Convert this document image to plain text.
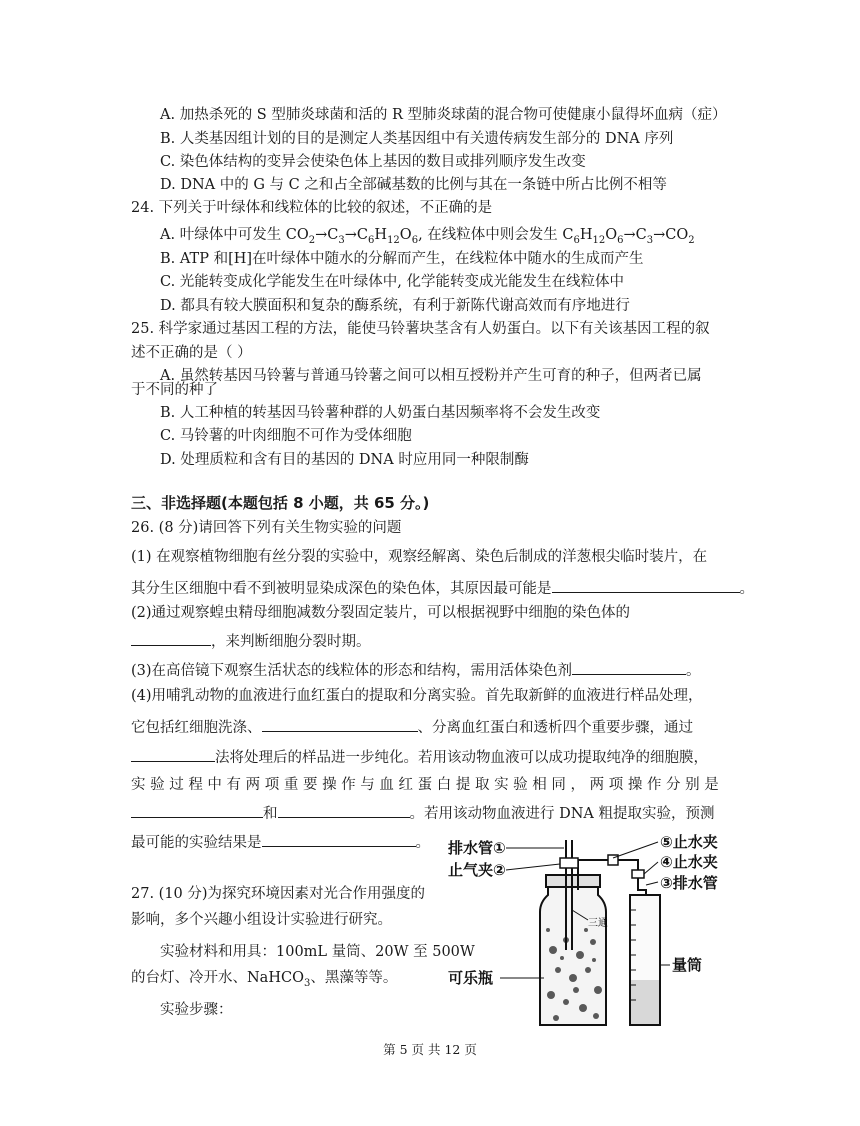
A. 加热杀死的 S 型肺炎球菌和活的 R 型肺炎球菌的混合物可使健康小鼠得坏血病（症）
B. 人类基因组计划的目的是测定人类基因组中有关遗传病发生部分的 DNA 序列
C. 染色体结构的变异会使染色体上基因的数目或排列顺序发生改变
D. DNA 中的 G 与 C 之和占全部碱基数的比例与其在一条链中所占比例不相等
24. 下列关于叶绿体和线粒体的比较的叙述，不正确的是
A. 叶绿体中可发生 $CO_2\to C_3\to C_6H_{12}O_6$, 在线粒体中则会发生 $C_6H_{12}O_6\to C_3\to CO_2$
B. ATP 和[H]在叶绿体中随水的分解而产生，在线粒体中随水的生成而产生
C. 光能转变成化学能发生在叶绿体中, 化学能转变成光能发生在线粒体中
D. 都具有较大膜面积和复杂的酶系统，有利于新陈代谢高效而有序地进行
25. 科学家通过基因工程的方法，能使马铃薯块茎含有人奶蛋白。以下有关该基因工程的叙
述不正确的是（ ）
A. 虽然转基因马铃薯与普通马铃薯之间可以相互授粉并产生可育的种子，但两者已属
于不同的种了
B. 人工种植的转基因马铃薯种群的人奶蛋白基因频率将不会发生改变
C. 马铃薯的叶肉细胞不可作为受体细胞
D. 处理质粒和含有目的基因的 DNA 时应用同一种限制酶
三、非选择题(本题包括 8 小题，共 65 分。)
26. (8 分)请回答下列有关生物实验的问题
(1) 在观察植物细胞有丝分裂的实验中，观察经解离、染色后制成的洋葱根尖临时装片，在
其分生区细胞中看不到被明显染成深色的染色体，其原因最可能是	。
(2)通过观察蝗虫精母细胞减数分裂固定装片，可以根据视野中细胞的染色体的
，来判断细胞分裂时期。
(3)在高倍镜下观察生活状态的线粒体的形态和结构，需用活体染色剂	。
(4)用哺乳动物的血液进行血红蛋白的提取和分离实验。首先取新鲜的血液进行样品处理，
它包括红细胞洗涤、	、分离血红蛋白和透析四个重要步骤，通过
法将处理后的样品进一步纯化。若用该动物血液可以成功提取纯净的细胞膜，
实 验 过 程 中 有 两 项 重 要 操 作 与 血 红 蛋 白 提 取 实 验 相 同 ， 两 项 操 作 分 别 是
和	。若用该动物血液进行 DNA 粗提取实验，预测
最可能的实验结果是	。
27. (10 分)为探究环境因素对光合作用强度的
影响，多个兴趣小组设计实验进行研究。
实验材料和用具：100mL 量筒、20W 至 500W
的台灯、冷开水、NaHCO$_3$、黑藻等等。
实验步骤：
排水管①
止气夹②
⑤止水夹
④止水夹
③排水管
三通
可乐瓶
量筒
第 5 页 共 12 页
